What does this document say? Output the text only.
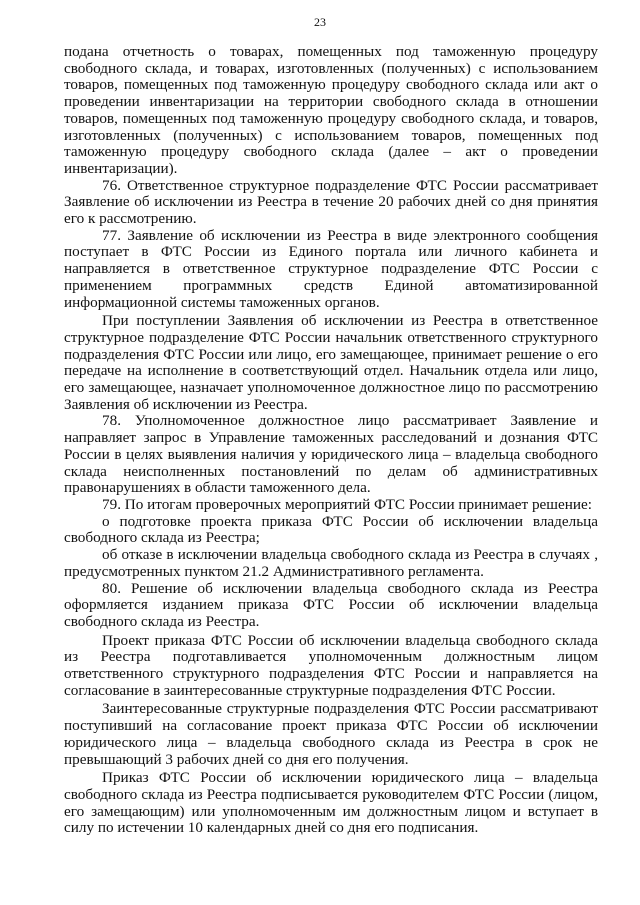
23

подана отчетность о товарах, помещенных под таможенную процедуру свободного склада, и товарах, изготовленных (полученных) с использованием товаров, помещенных под таможенную процедуру свободного склада или акт о проведении инвентаризации на территории свободного склада в отношении товаров, помещенных под таможенную процедуру свободного склада, и товаров, изготовленных (полученных) с использованием товаров, помещенных под таможенную процедуру свободного склада (далее – акт о проведении инвентаризации).

76. Ответственное структурное подразделение ФТС России рассматривает Заявление об исключении из Реестра в течение 20 рабочих дней со дня принятия его к рассмотрению.

77. Заявление об исключении из Реестра в виде электронного сообщения поступает в ФТС России из Единого портала или личного кабинета и направляется в ответственное структурное подразделение ФТС России с применением программных средств Единой автоматизированной информационной системы таможенных органов.

При поступлении Заявления об исключении из Реестра в ответственное структурное подразделение ФТС России начальник ответственного структурного подразделения ФТС России или лицо, его замещающее, принимает решение о его передаче на исполнение в соответствующий отдел. Начальник отдела или лицо, его замещающее, назначает уполномоченное должностное лицо по рассмотрению Заявления об исключении из Реестра.

78. Уполномоченное должностное лицо рассматривает Заявление и направляет запрос в Управление таможенных расследований и дознания ФТС России в целях выявления наличия у юридического лица – владельца свободного склада неисполненных постановлений по делам об административных правонарушениях в области таможенного дела.

79. По итогам проверочных мероприятий ФТС России принимает решение:

о подготовке проекта приказа ФТС России об исключении владельца свободного склада из Реестра;

об отказе в исключении владельца свободного склада из Реестра в случаях , предусмотренных пунктом 21.2 Административного регламента.

80. Решение об исключении владельца свободного склада из Реестра оформляется изданием приказа ФТС России об исключении владельца свободного склада из Реестра.

Проект приказа ФТС России об исключении владельца свободного склада из Реестра подготавливается уполномоченным должностным лицом ответственного структурного подразделения ФТС России и направляется на согласование в заинтересованные структурные подразделения ФТС России.

Заинтересованные структурные подразделения ФТС России рассматривают поступивший на согласование проект приказа ФТС России об исключении юридического лица – владельца свободного склада из Реестра в срок не превышающий 3 рабочих дней со дня его получения.

Приказ ФТС России об исключении юридического лица – владельца свободного склада из Реестра подписывается руководителем ФТС России (лицом, его замещающим) или уполномоченным им должностным лицом и вступает в силу по истечении 10 календарных дней со дня его подписания.
